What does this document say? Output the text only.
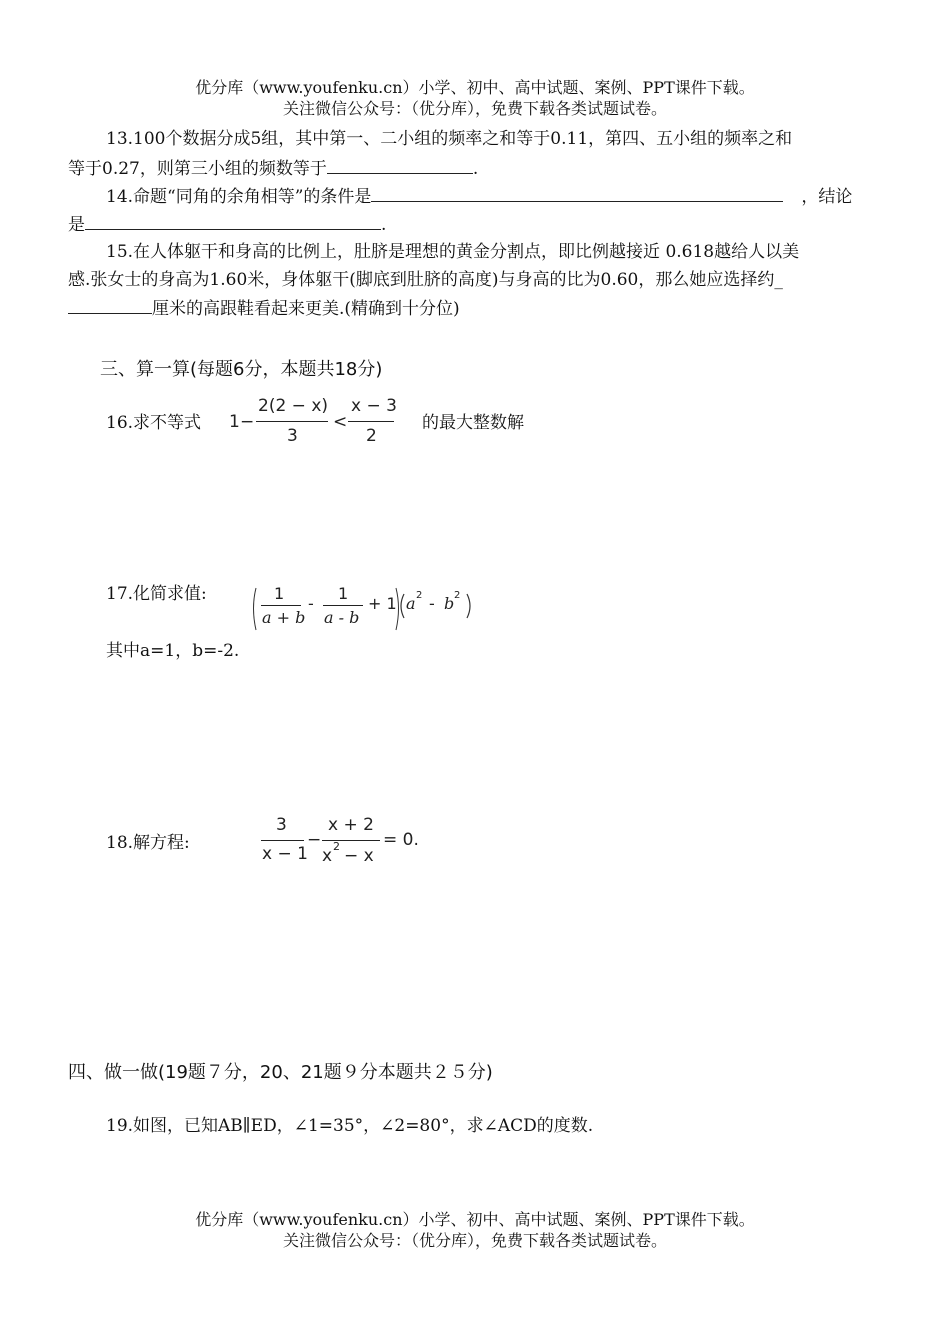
优分库（www.youfenku.cn）小学、初中、高中试题、案例、PPT课件下载。
关注微信公众号：（优分库），免费下载各类试题试卷。
13.100个数据分成5组，其中第一、二小组的频率之和等于0.11，第四、五小组的频率之和
等于0.27，则第三小组的频数等于	.
14.命题“同角的余角相等”的条件是	，结论
是	.
15.在人体躯干和身高的比例上，肚脐是理想的黄金分割点，即比例越接近 0.618越给人以美
感.张女士的身高为1.60米，身体躯干(脚底到肚脐的高度)与身高的比为0.60，那么她应选择约_
厘米的高跟鞋看起来更美.(精确到十分位)
三、算一算(每题6分，本题共18分)
16.求不等式 1 −
2(2 − x)
3
<
x − 3
2
的最大整数解
17.化简求值:	1
a + b
-
1
a - b
+ 1 a 2 - b 2
其中a=1，b=-2.
18.解方程:
3
x − 1
−
x + 2
x 2 − x
= 0.
四、做一做(19题７分，20、21题９分本题共２５分)
19.如图，已知AB∥ED，∠1=35°，∠2=80°，求∠ACD的度数.
优分库（www.youfenku.cn）小学、初中、高中试题、案例、PPT课件下载。
关注微信公众号：（优分库），免费下载各类试题试卷。
